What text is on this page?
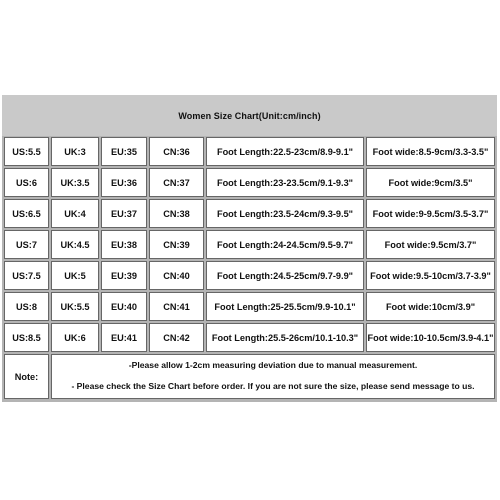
Women Size Chart(Unit:cm/inch)
US:5.5	UK:3	EU:35	CN:36	Foot Length:22.5-23cm/8.9-9.1"	Foot wide:8.5-9cm/3.3-3.5"
US:6	UK:3.5	EU:36	CN:37	Foot Length:23-23.5cm/9.1-9.3"	Foot wide:9cm/3.5"
US:6.5	UK:4	EU:37	CN:38	Foot Length:23.5-24cm/9.3-9.5"	Foot wide:9-9.5cm/3.5-3.7"
US:7	UK:4.5	EU:38	CN:39	Foot Length:24-24.5cm/9.5-9.7"	Foot wide:9.5cm/3.7"
US:7.5	UK:5	EU:39	CN:40	Foot Length:24.5-25cm/9.7-9.9"	Foot wide:9.5-10cm/3.7-3.9"
US:8	UK:5.5	EU:40	CN:41	Foot Length:25-25.5cm/9.9-10.1"	Foot wide:10cm/3.9"
US:8.5	UK:6	EU:41	CN:42	Foot Length:25.5-26cm/10.1-10.3"	Foot wide:10-10.5cm/3.9-4.1"
Note:
-Please allow 1-2cm measuring deviation due to manual measurement.
- Please check the Size Chart before order. If you are not sure the size, please send message to us.
